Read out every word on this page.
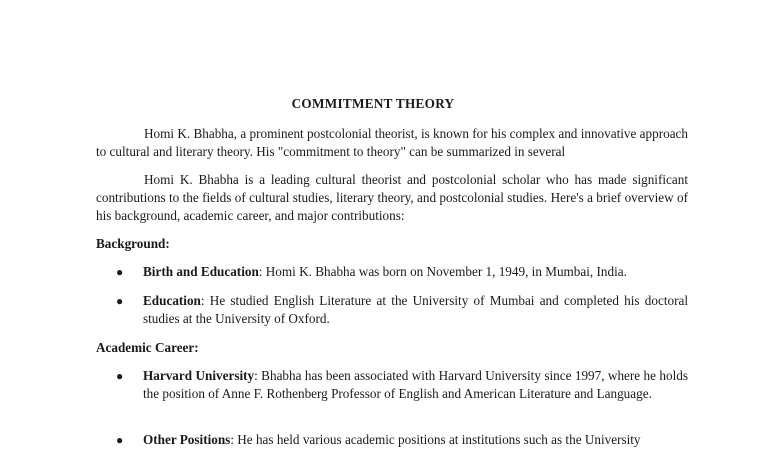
COMMITMENT THEORY

Homi K. Bhabha, a prominent postcolonial theorist, is known for his complex and innovative approach to cultural and literary theory. His "commitment to theory" can be summarized in several

Homi K. Bhabha is a leading cultural theorist and postcolonial scholar who has made significant contributions to the fields of cultural studies, literary theory, and postcolonial studies. Here's a brief overview of his background, academic career, and major contributions:

Background:

● Birth and Education: Homi K. Bhabha was born on November 1, 1949, in Mumbai, India.
● Education: He studied English Literature at the University of Mumbai and completed his doctoral studies at the University of Oxford.

Academic Career:

● Harvard University: Bhabha has been associated with Harvard University since 1997, where he holds the position of Anne F. Rothenberg Professor of English and American Literature and Language.
● Other Positions: He has held various academic positions at institutions such as the University
